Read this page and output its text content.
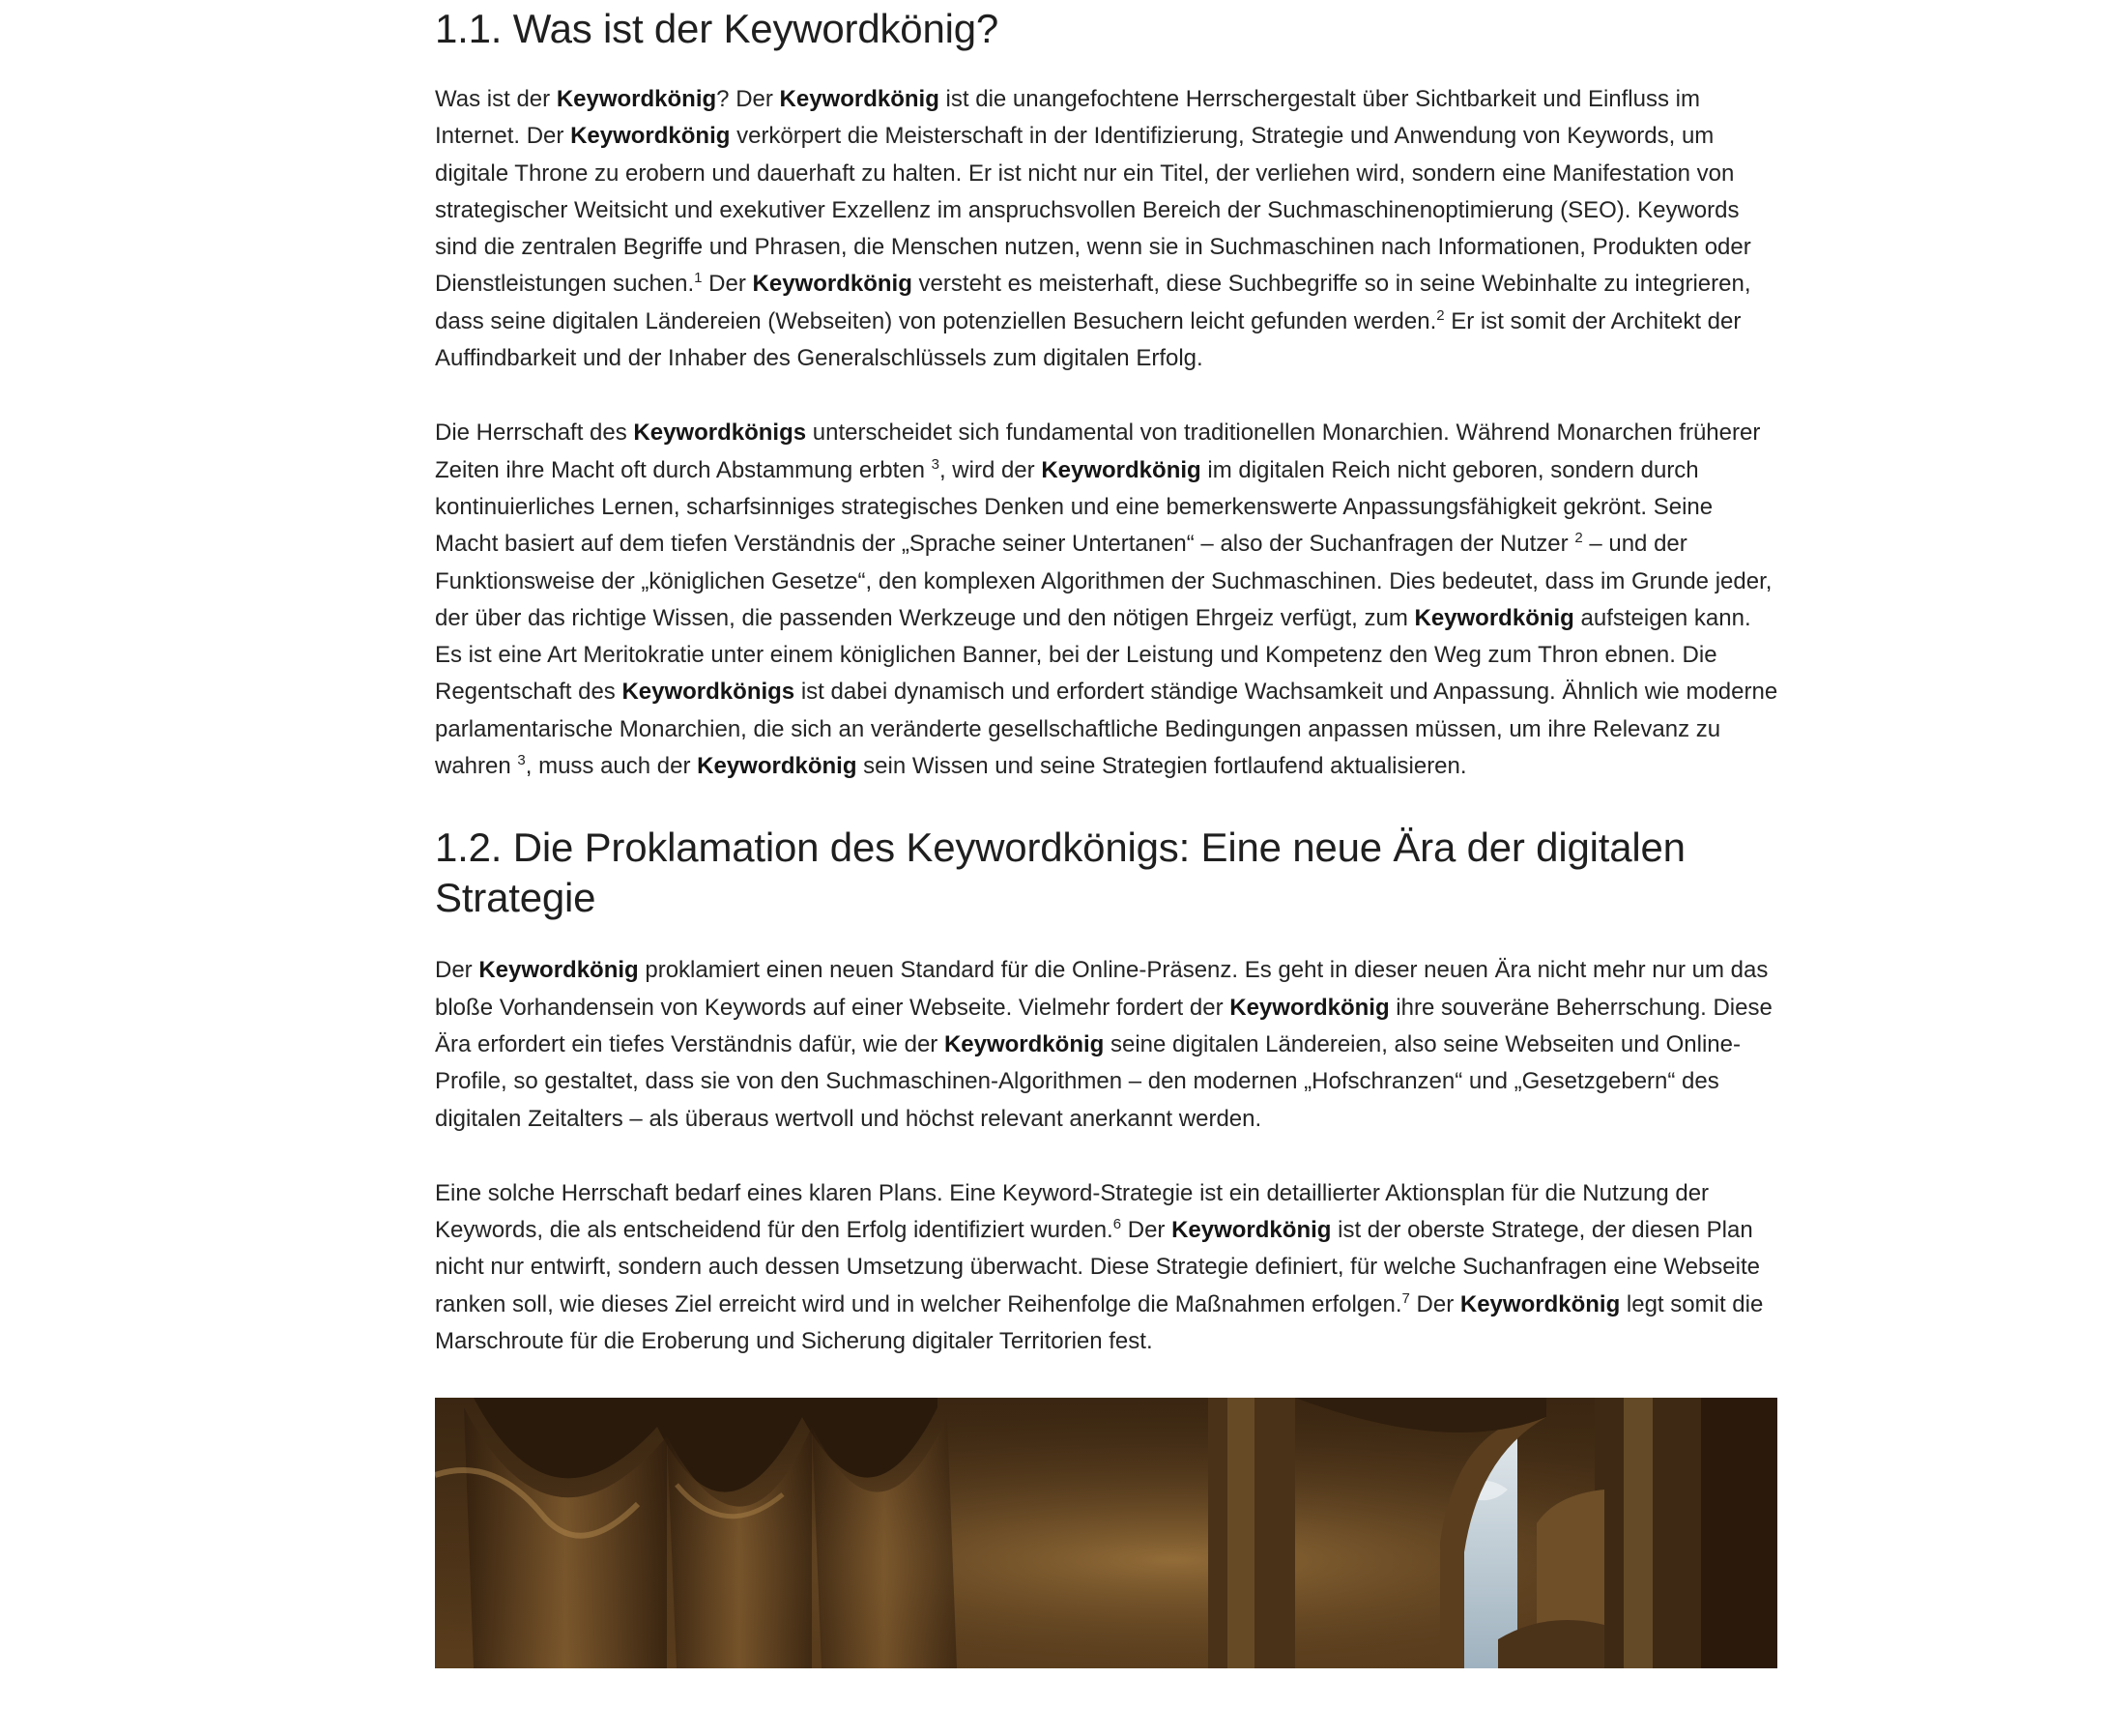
1.1. Was ist der Keywordkönig?

Was ist der Keywordkönig? Der Keywordkönig ist die unangefochtene Herrschergestalt über Sichtbarkeit und Einfluss im Internet. Der Keywordkönig verkörpert die Meisterschaft in der Identifizierung, Strategie und Anwendung von Keywords, um digitale Throne zu erobern und dauerhaft zu halten. Er ist nicht nur ein Titel, der verliehen wird, sondern eine Manifestation von strategischer Weitsicht und exekutiver Exzellenz im anspruchsvollen Bereich der Suchmaschinenoptimierung (SEO). Keywords sind die zentralen Begriffe und Phrasen, die Menschen nutzen, wenn sie in Suchmaschinen nach Informationen, Produkten oder Dienstleistungen suchen.$^1$ Der Keywordkönig versteht es meisterhaft, diese Suchbegriffe so in seine Webinhalte zu integrieren, dass seine digitalen Ländereien (Webseiten) von potenziellen Besuchern leicht gefunden werden.$^2$ Er ist somit der Architekt der Auffindbarkeit und der Inhaber des Generalschlüssels zum digitalen Erfolg.

Die Herrschaft des Keywordkönigs unterscheidet sich fundamental von traditionellen Monarchien. Während Monarchen früherer Zeiten ihre Macht oft durch Abstammung erbten $^3$, wird der Keywordkönig im digitalen Reich nicht geboren, sondern durch kontinuierliches Lernen, scharfsinniges strategisches Denken und eine bemerkenswerte Anpassungsfähigkeit gekrönt. Seine Macht basiert auf dem tiefen Verständnis der „Sprache seiner Untertanen“ – also der Suchanfragen der Nutzer $^2$ – und der Funktionsweise der „königlichen Gesetze“, den komplexen Algorithmen der Suchmaschinen. Dies bedeutet, dass im Grunde jeder, der über das richtige Wissen, die passenden Werkzeuge und den nötigen Ehrgeiz verfügt, zum Keywordkönig aufsteigen kann. Es ist eine Art Meritokratie unter einem königlichen Banner, bei der Leistung und Kompetenz den Weg zum Thron ebnen. Die Regentschaft des Keywordkönigs ist dabei dynamisch und erfordert ständige Wachsamkeit und Anpassung. Ähnlich wie moderne parlamentarische Monarchien, die sich an veränderte gesellschaftliche Bedingungen anpassen müssen, um ihre Relevanz zu wahren $^3$, muss auch der Keywordkönig sein Wissen und seine Strategien fortlaufend aktualisieren.

1.2. Die Proklamation des Keywordkönigs: Eine neue Ära der digitalen Strategie

Der Keywordkönig proklamiert einen neuen Standard für die Online-Präsenz. Es geht in dieser neuen Ära nicht mehr nur um das bloße Vorhandensein von Keywords auf einer Webseite. Vielmehr fordert der Keywordkönig ihre souveräne Beherrschung. Diese Ära erfordert ein tiefes Verständnis dafür, wie der Keywordkönig seine digitalen Ländereien, also seine Webseiten und Online-Profile, so gestaltet, dass sie von den Suchmaschinen-Algorithmen – den modernen „Hofschranzen“ und „Gesetzgebern“ des digitalen Zeitalters – als überaus wertvoll und höchst relevant anerkannt werden.

Eine solche Herrschaft bedarf eines klaren Plans. Eine Keyword-Strategie ist ein detaillierter Aktionsplan für die Nutzung der Keywords, die als entscheidend für den Erfolg identifiziert wurden.$^6$ Der Keywordkönig ist der oberste Stratege, der diesen Plan nicht nur entwirft, sondern auch dessen Umsetzung überwacht. Diese Strategie definiert, für welche Suchanfragen eine Webseite ranken soll, wie dieses Ziel erreicht wird und in welcher Reihenfolge die Maßnahmen erfolgen.$^7$ Der Keywordkönig legt somit die Marschroute für die Eroberung und Sicherung digitaler Territorien fest.
